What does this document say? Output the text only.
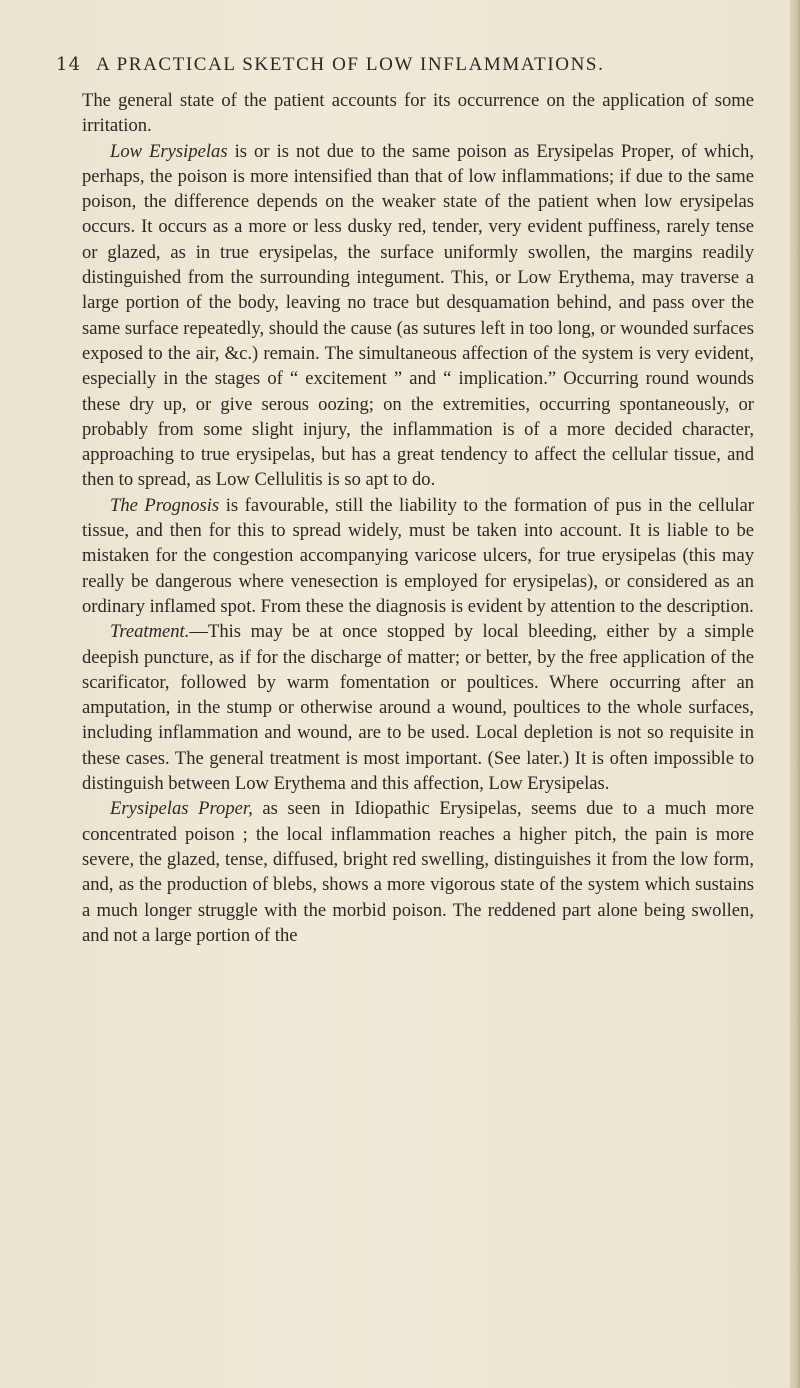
14 A PRACTICAL SKETCH OF LOW INFLAMMATIONS.

The general state of the patient accounts for its occurrence on the application of some irritation.

Low Erysipelas is or is not due to the same poison as Erysipelas Proper, of which, perhaps, the poison is more intensified than that of low inflammations; if due to the same poison, the difference depends on the weaker state of the patient when low erysipelas occurs. It occurs as a more or less dusky red, tender, very evident puffiness, rarely tense or glazed, as in true erysipelas, the surface uniformly swollen, the margins readily distinguished from the surrounding integument. This, or Low Erythema, may traverse a large portion of the body, leaving no trace but desquamation behind, and pass over the same surface repeatedly, should the cause (as sutures left in too long, or wounded surfaces exposed to the air, &c.) remain. The simultaneous affection of the system is very evident, especially in the stages of “ excitement ” and “ implication.” Occurring round wounds these dry up, or give serous oozing; on the extremities, occurring spontaneously, or probably from some slight injury, the inflammation is of a more decided character, approaching to true erysipelas, but has a great tendency to affect the cellular tissue, and then to spread, as Low Cellulitis is so apt to do.

The Prognosis is favourable, still the liability to the formation of pus in the cellular tissue, and then for this to spread widely, must be taken into account. It is liable to be mistaken for the congestion accompanying varicose ulcers, for true erysipelas (this may really be dangerous where venesection is employed for erysipelas), or considered as an ordinary inflamed spot. From these the diagnosis is evident by attention to the description.

Treatment.—This may be at once stopped by local bleeding, either by a simple deepish puncture, as if for the discharge of matter; or better, by the free application of the scarificator, followed by warm fomentation or poultices. Where occurring after an amputation, in the stump or otherwise around a wound, poultices to the whole surfaces, including inflammation and wound, are to be used. Local depletion is not so requisite in these cases. The general treatment is most important. (See later.) It is often impossible to distinguish between Low Erythema and this affection, Low Erysipelas.

Erysipelas Proper, as seen in Idiopathic Erysipelas, seems due to a much more concentrated poison ; the local inflammation reaches a higher pitch, the pain is more severe, the glazed, tense, diffused, bright red swelling, distinguishes it from the low form, and, as the production of blebs, shows a more vigorous state of the system which sustains a much longer struggle with the morbid poison. The reddened part alone being swollen, and not a large portion of the
